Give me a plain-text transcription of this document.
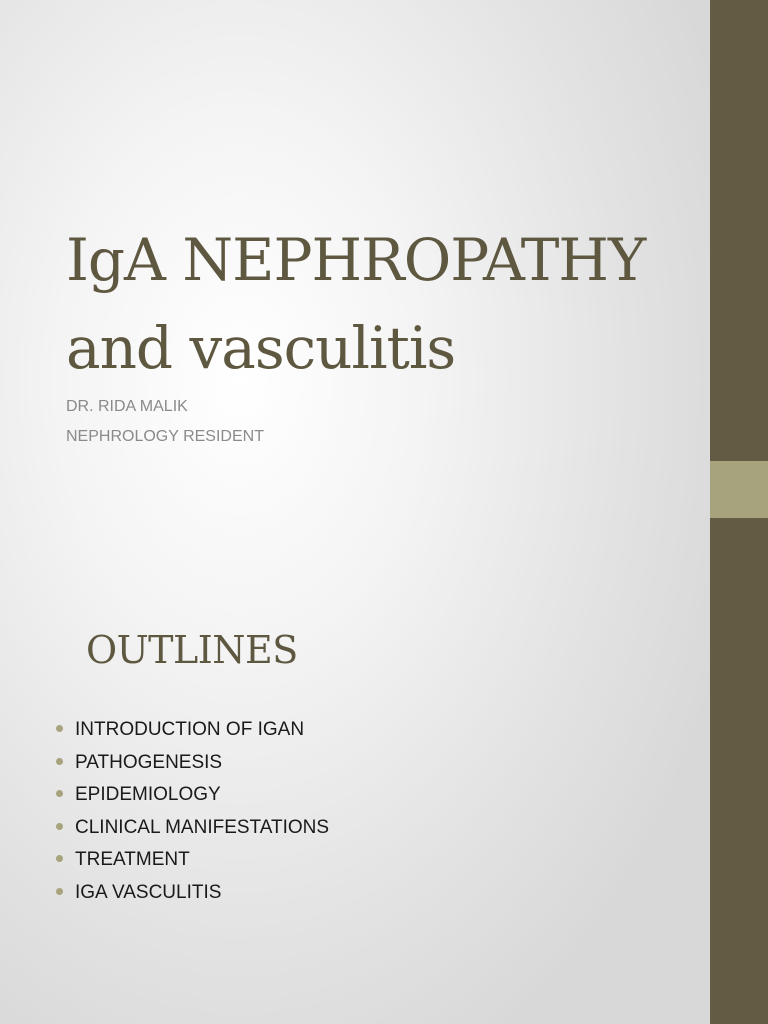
IgA NEPHROPATHY
and vasculitis
DR. RIDA MALIK
NEPHROLOGY RESIDENT
OUTLINES
INTRODUCTION OF IGAN
PATHOGENESIS
EPIDEMIOLOGY
CLINICAL MANIFESTATIONS
TREATMENT
IGA VASCULITIS
